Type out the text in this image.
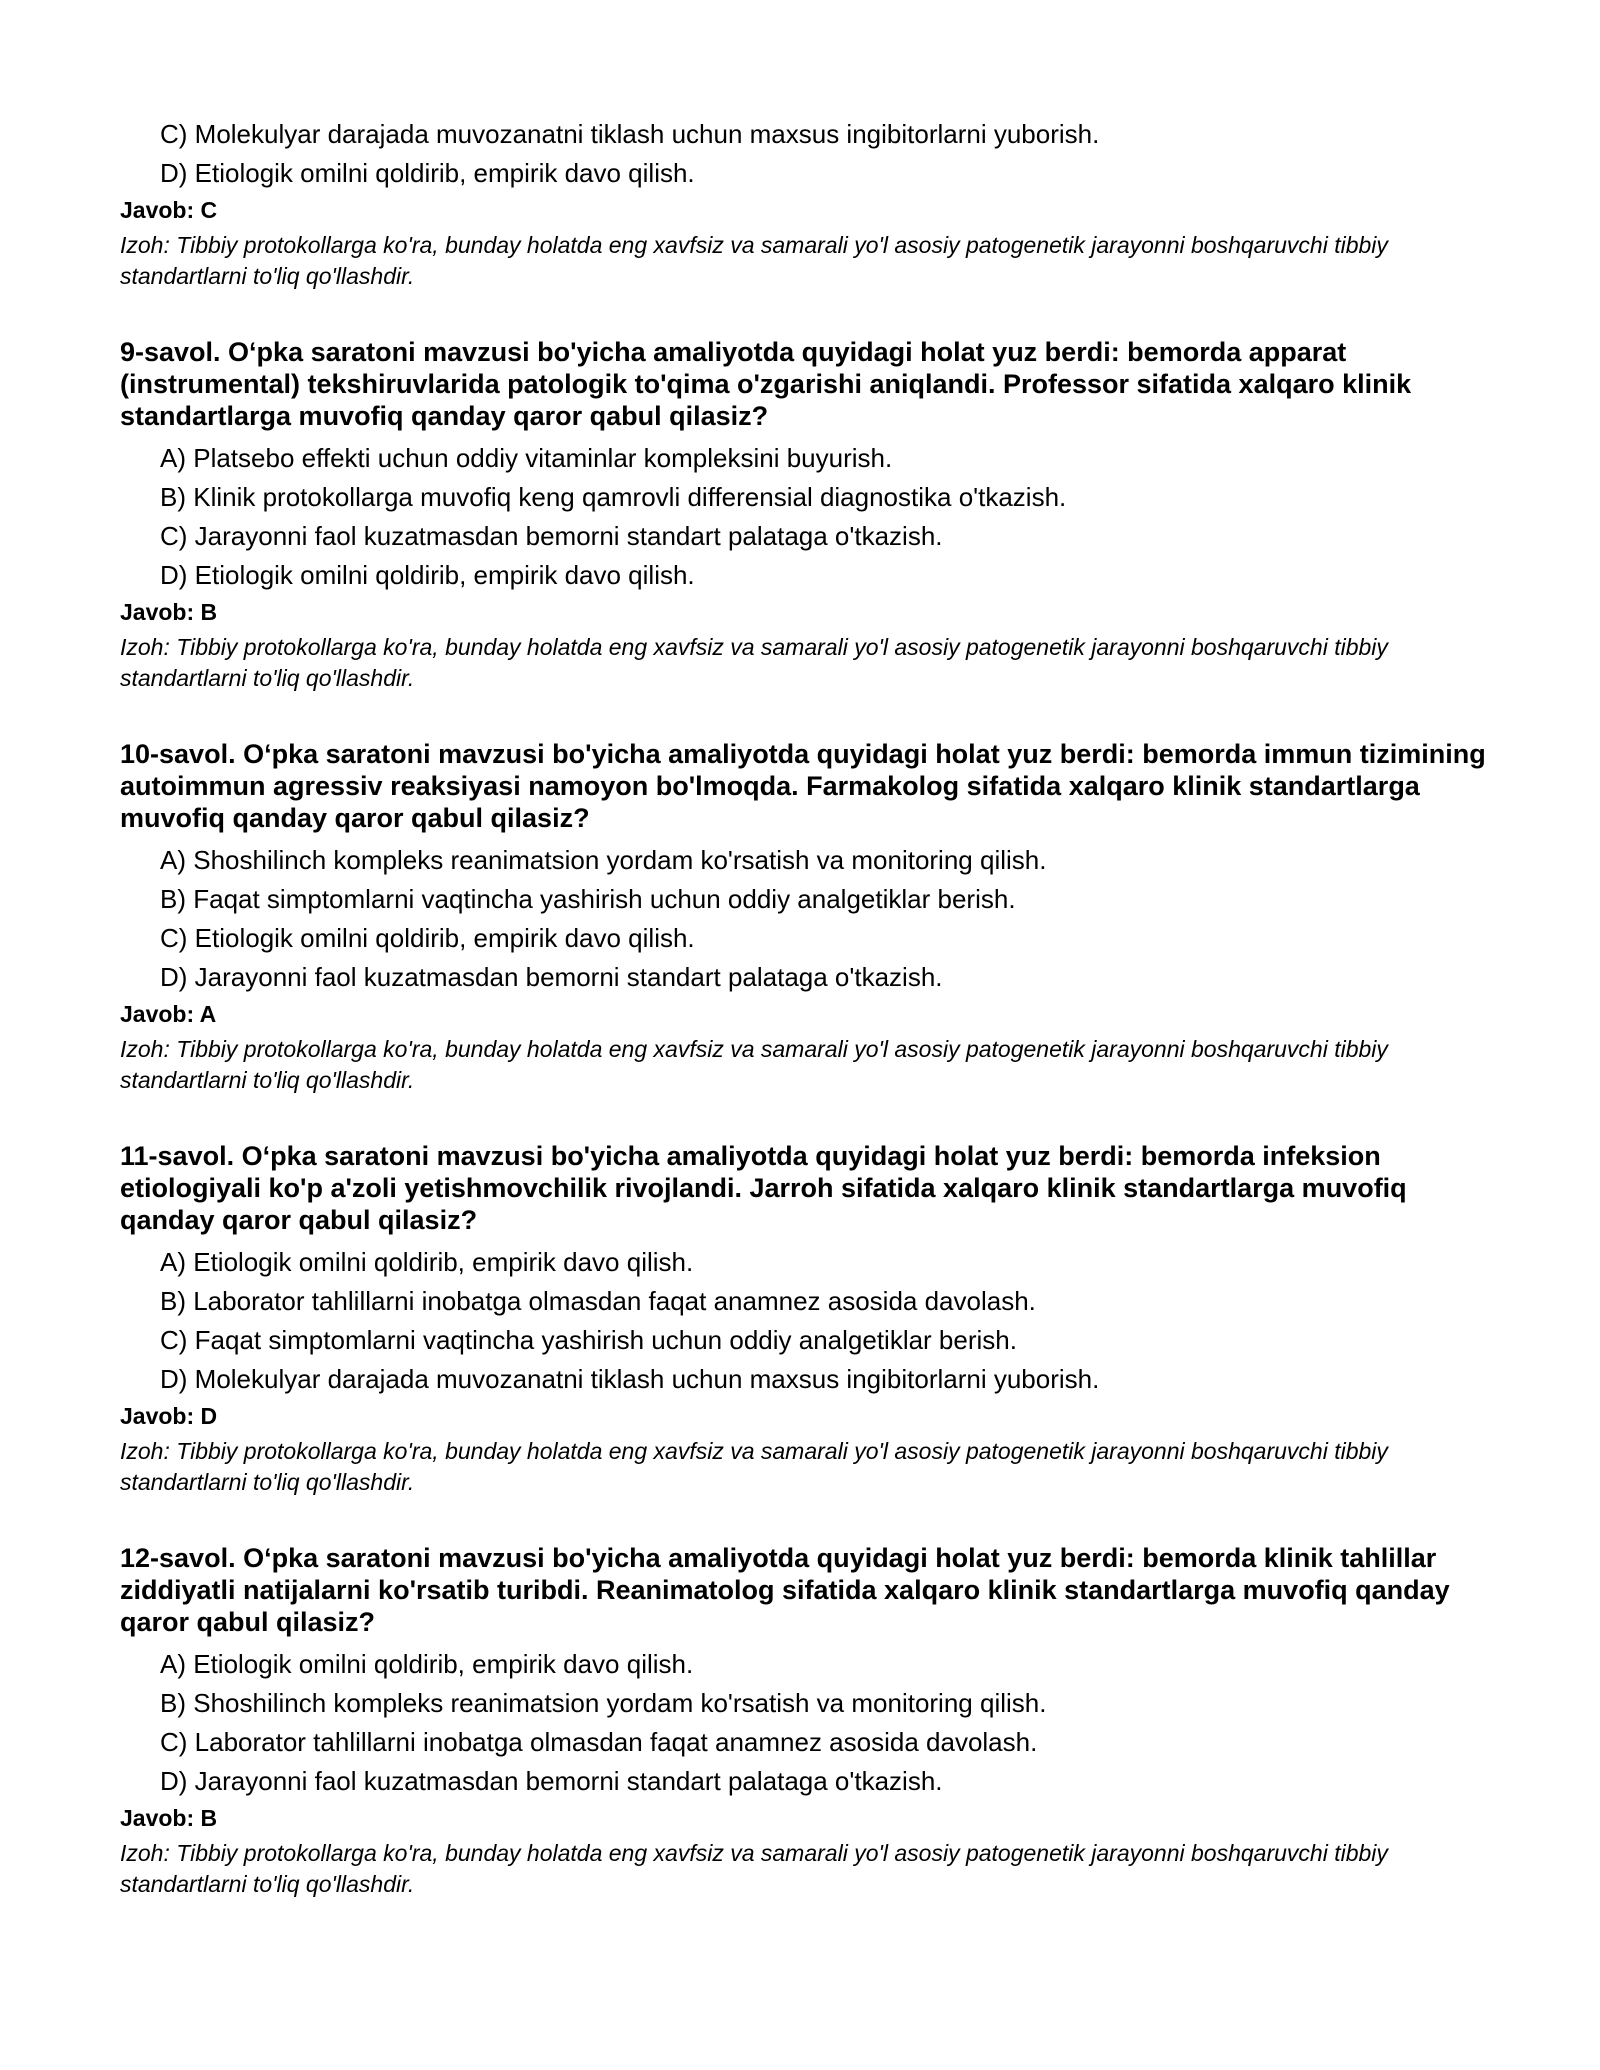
C) Molekulyar darajada muvozanatni tiklash uchun maxsus ingibitorlarni yuborish.
D) Etiologik omilni qoldirib, empirik davo qilish.
Javob: C
Izoh: Tibbiy protokollarga ko'ra, bunday holatda eng xavfsiz va samarali yo'l asosiy patogenetik jarayonni boshqaruvchi tibbiy standartlarni to'liq qo'llashdir.
9-savol. O‘pka saratoni mavzusi bo'yicha amaliyotda quyidagi holat yuz berdi: bemorda apparat (instrumental) tekshiruvlarida patologik to'qima o'zgarishi aniqlandi. Professor sifatida xalqaro klinik standartlarga muvofiq qanday qaror qabul qilasiz?
A) Platsebo effekti uchun oddiy vitaminlar kompleksini buyurish.
B) Klinik protokollarga muvofiq keng qamrovli differensial diagnostika o'tkazish.
C) Jarayonni faol kuzatmasdan bemorni standart palataga o'tkazish.
D) Etiologik omilni qoldirib, empirik davo qilish.
Javob: B
Izoh: Tibbiy protokollarga ko'ra, bunday holatda eng xavfsiz va samarali yo'l asosiy patogenetik jarayonni boshqaruvchi tibbiy standartlarni to'liq qo'llashdir.
10-savol. O‘pka saratoni mavzusi bo'yicha amaliyotda quyidagi holat yuz berdi: bemorda immun tizimining autoimmun agressiv reaksiyasi namoyon bo'lmoqda. Farmakolog sifatida xalqaro klinik standartlarga muvofiq qanday qaror qabul qilasiz?
A) Shoshilinch kompleks reanimatsion yordam ko'rsatish va monitoring qilish.
B) Faqat simptomlarni vaqtincha yashirish uchun oddiy analgetiklar berish.
C) Etiologik omilni qoldirib, empirik davo qilish.
D) Jarayonni faol kuzatmasdan bemorni standart palataga o'tkazish.
Javob: A
Izoh: Tibbiy protokollarga ko'ra, bunday holatda eng xavfsiz va samarali yo'l asosiy patogenetik jarayonni boshqaruvchi tibbiy standartlarni to'liq qo'llashdir.
11-savol. O‘pka saratoni mavzusi bo'yicha amaliyotda quyidagi holat yuz berdi: bemorda infeksion etiologiyali ko'p a'zoli yetishmovchilik rivojlandi. Jarroh sifatida xalqaro klinik standartlarga muvofiq qanday qaror qabul qilasiz?
A) Etiologik omilni qoldirib, empirik davo qilish.
B) Laborator tahlillarni inobatga olmasdan faqat anamnez asosida davolash.
C) Faqat simptomlarni vaqtincha yashirish uchun oddiy analgetiklar berish.
D) Molekulyar darajada muvozanatni tiklash uchun maxsus ingibitorlarni yuborish.
Javob: D
Izoh: Tibbiy protokollarga ko'ra, bunday holatda eng xavfsiz va samarali yo'l asosiy patogenetik jarayonni boshqaruvchi tibbiy standartlarni to'liq qo'llashdir.
12-savol. O‘pka saratoni mavzusi bo'yicha amaliyotda quyidagi holat yuz berdi: bemorda klinik tahlillar ziddiyatli natijalarni ko'rsatib turibdi. Reanimatolog sifatida xalqaro klinik standartlarga muvofiq qanday qaror qabul qilasiz?
A) Etiologik omilni qoldirib, empirik davo qilish.
B) Shoshilinch kompleks reanimatsion yordam ko'rsatish va monitoring qilish.
C) Laborator tahlillarni inobatga olmasdan faqat anamnez asosida davolash.
D) Jarayonni faol kuzatmasdan bemorni standart palataga o'tkazish.
Javob: B
Izoh: Tibbiy protokollarga ko'ra, bunday holatda eng xavfsiz va samarali yo'l asosiy patogenetik jarayonni boshqaruvchi tibbiy standartlarni to'liq qo'llashdir.
